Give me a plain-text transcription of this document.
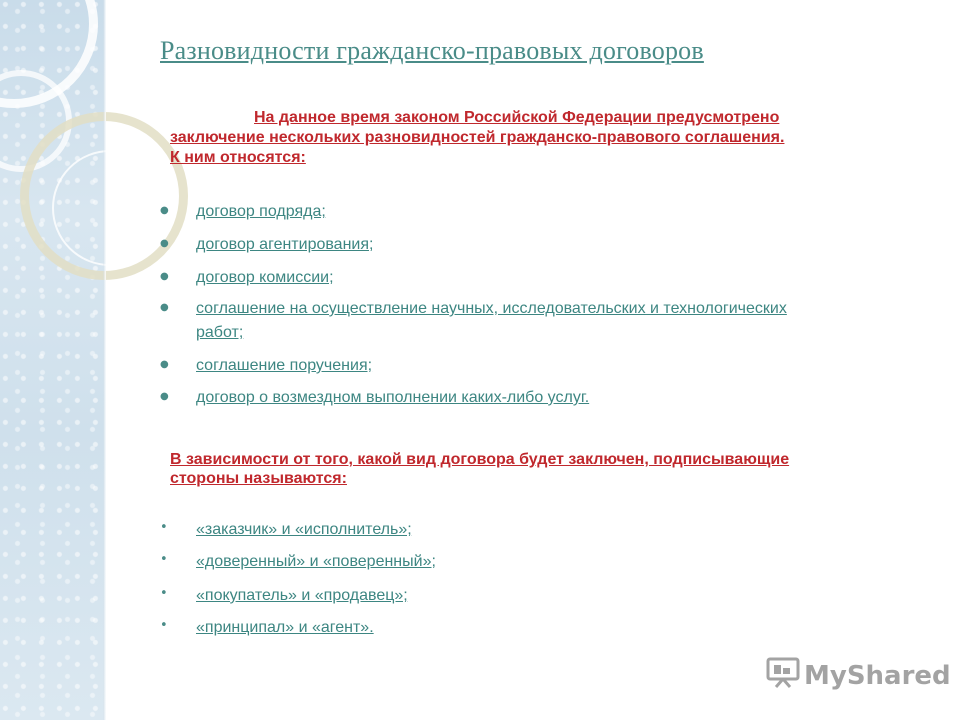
Разновидности гражданско-правовых договоров
На данное время законом Российской Федерации предусмотрено
заключение нескольких разновидностей гражданско-правового соглашения.
К ним относятся:
● договор подряда;
● договор агентирования;
● договор комиссии;
● соглашение на осуществление научных, исследовательских и технологических
работ;
● соглашение поручения;
● договор о возмездном выполнении каких-либо услуг.
В зависимости от того, какой вид договора будет заключен, подписывающие
стороны называются:
• «заказчик» и «исполнитель»;
• «доверенный» и «поверенный»;
• «покупатель» и «продавец»;
• «принципал» и «агент».
MyShared
